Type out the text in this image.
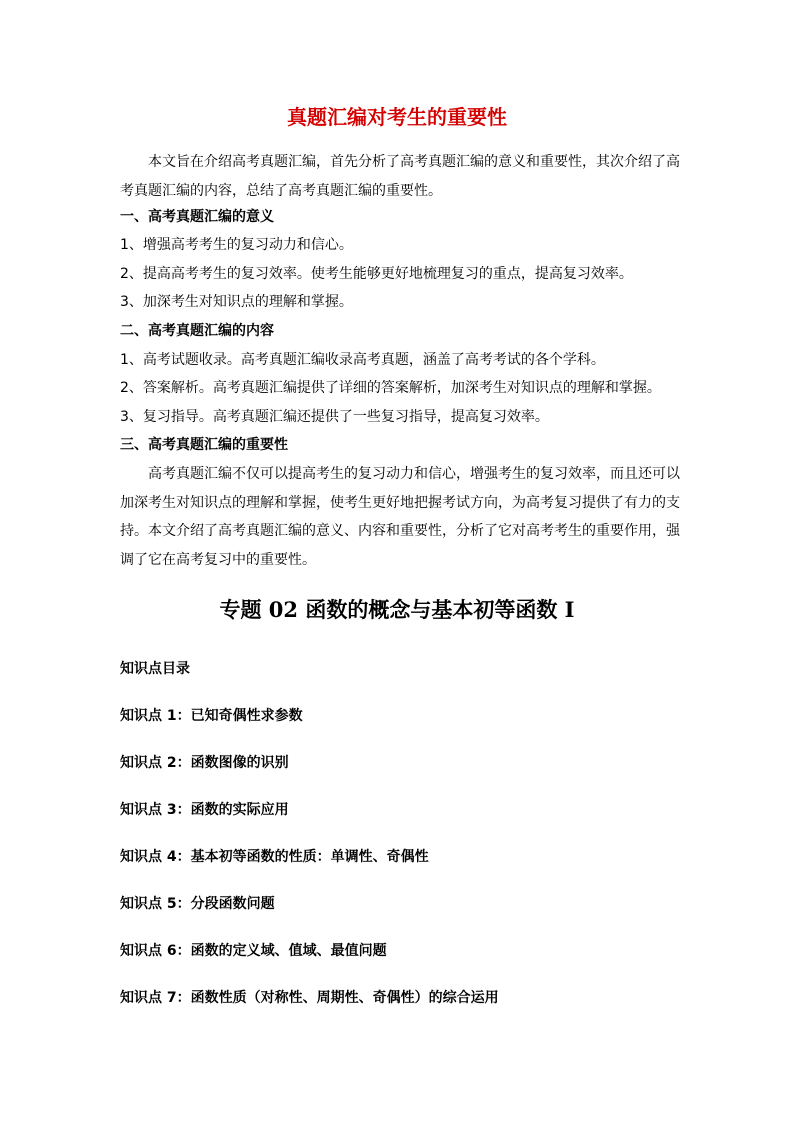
真题汇编对考生的重要性
本文旨在介绍高考真题汇编，首先分析了高考真题汇编的意义和重要性，其次介绍了高考真题汇编的内容，总结了高考真题汇编的重要性。
一、高考真题汇编的意义
1、增强高考考生的复习动力和信心。
2、提高高考考生的复习效率。使考生能够更好地梳理复习的重点，提高复习效率。
3、加深考生对知识点的理解和掌握。
二、高考真题汇编的内容
1、高考试题收录。高考真题汇编收录高考真题，涵盖了高考考试的各个学科。
2、答案解析。高考真题汇编提供了详细的答案解析，加深考生对知识点的理解和掌握。
3、复习指导。高考真题汇编还提供了一些复习指导，提高复习效率。
三、高考真题汇编的重要性
高考真题汇编不仅可以提高考生的复习动力和信心，增强考生的复习效率，而且还可以加深考生对知识点的理解和掌握，使考生更好地把握考试方向，为高考复习提供了有力的支持。本文介绍了高考真题汇编的意义、内容和重要性，分析了它对高考考生的重要作用，强调了它在高考复习中的重要性。
专题 02 函数的概念与基本初等函数 I
知识点目录
知识点 1：已知奇偶性求参数
知识点 2：函数图像的识别
知识点 3：函数的实际应用
知识点 4：基本初等函数的性质：单调性、奇偶性
知识点 5：分段函数问题
知识点 6：函数的定义域、值域、最值问题
知识点 7：函数性质（对称性、周期性、奇偶性）的综合运用
